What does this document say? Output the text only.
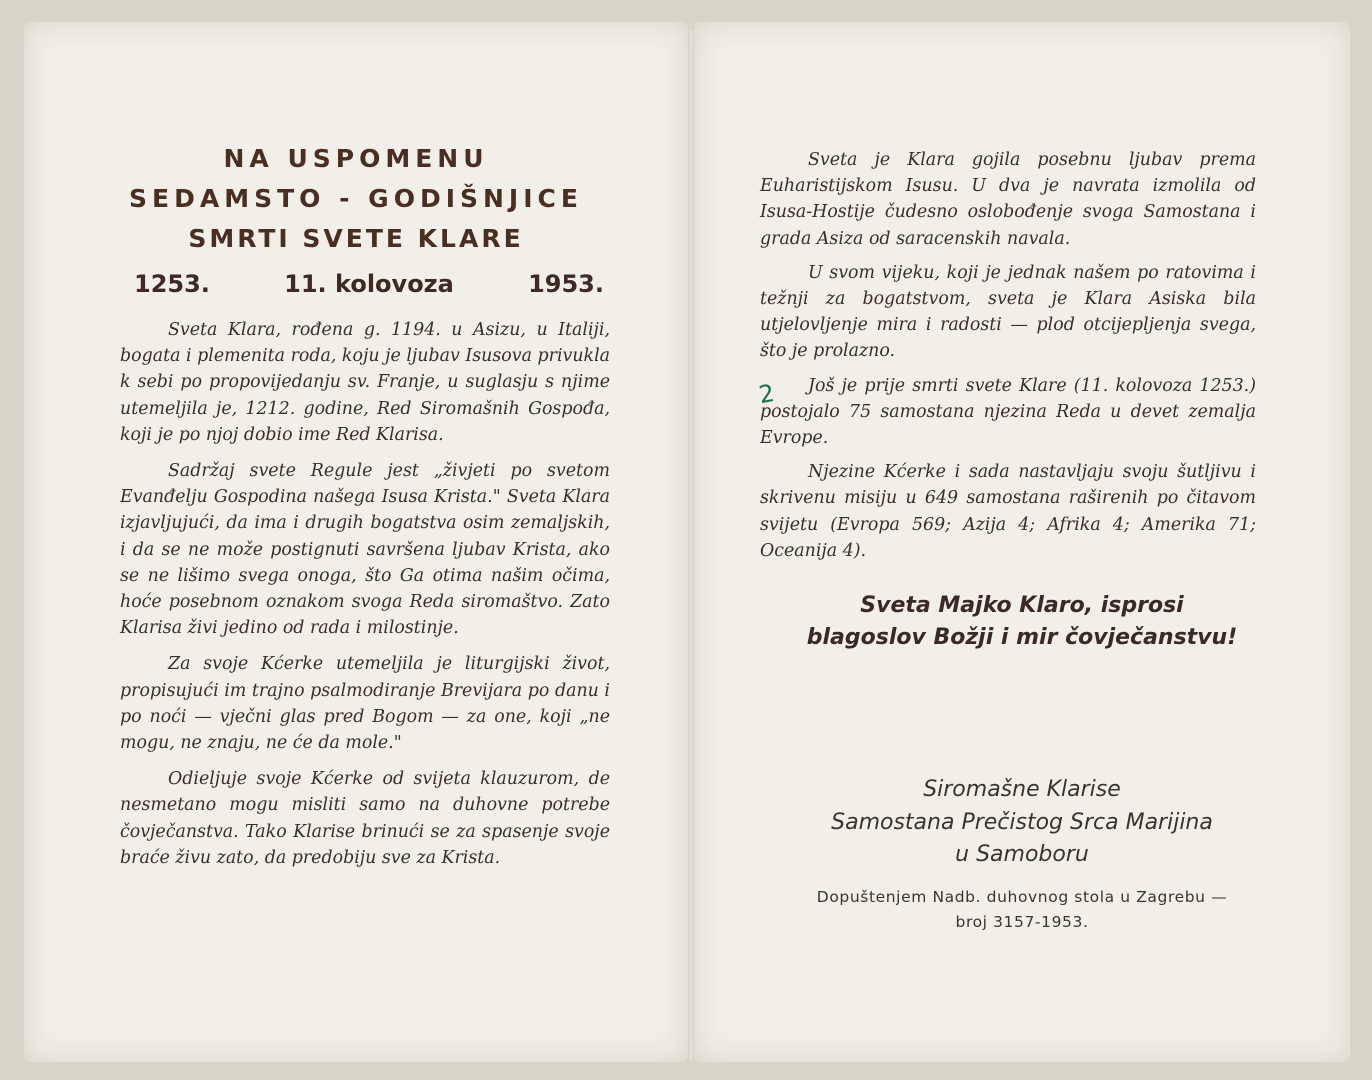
NA USPOMENU
SEDAMSTO - GODIŠNJICE
SMRTI SVETE KLARE
1253.	11. kolovoza	1953.

Sveta Klara, rođena g. 1194. u Asizu, u Italiji, bogata i plemenita roda, koju je ljubav Isusova privukla k sebi po propovijedanju sv. Franje, u suglasju s njime utemeljila je, 1212. godine, Red Siromašnih Gospođa, koji je po njoj dobio ime Red Klarisa.

Sadržaj svete Regule jest „živjeti po svetom Evanđelju Gospodina našega Isusa Krista." Sveta Klara izjavljujući, da ima i drugih bogatstva osim zemaljskih, i da se ne može postignuti savršena ljubav Krista, ako se ne lišimo svega onoga, što Ga otima našim očima, hoće posebnom oznakom svoga Reda siromaštvo. Zato Klarisa živi jedino od rada i milostinje.

Za svoje Kćerke utemeljila je liturgijski život, propisujući im trajno psalmodiranje Brevijara po danu i po noći — vječni glas pred Bogom — za one, koji „ne mogu, ne znaju, ne će da mole."

Odieljuje svoje Kćerke od svijeta klauzurom, de nesmetano mogu misliti samo na duhovne potrebe čovječanstva. Tako Klarise brinući se za spasenje svoje braće živu zato, da predobiju sve za Krista.

Sveta je Klara gojila posebnu ljubav prema Euharistijskom Isusu. U dva je navrata izmolila od Isusa-Hostije čudesno oslobođenje svoga Samostana i grada Asiza od saracenskih navala.

U svom vijeku, koji je jednak našem po ratovima i težnji za bogatstvom, sveta je Klara Asiska bila utjelovljenje mira i radosti — plod otcijepljenja svega, što je prolazno.

Još je prije smrti svete Klare (11. kolovoza 1253.) postojalo 75 samostana njezina Reda u devet zemalja Evrope.

Njezine Kćerke i sada nastavljaju svoju šutljivu i skrivenu misiju u 649 samostana raširenih po čitavom svijetu (Evropa 569; Azija 4; Afrika 4; Amerika 71; Oceanija 4).

2
Sveta Majko Klaro, isprosi
blagoslov Božji i mir čovječanstvu!
Siromašne Klarise
Samostana Prečistog Srca Marijina
u Samoboru
Dopuštenjem Nadb. duhovnog stola u Zagrebu —
broj 3157-1953.
